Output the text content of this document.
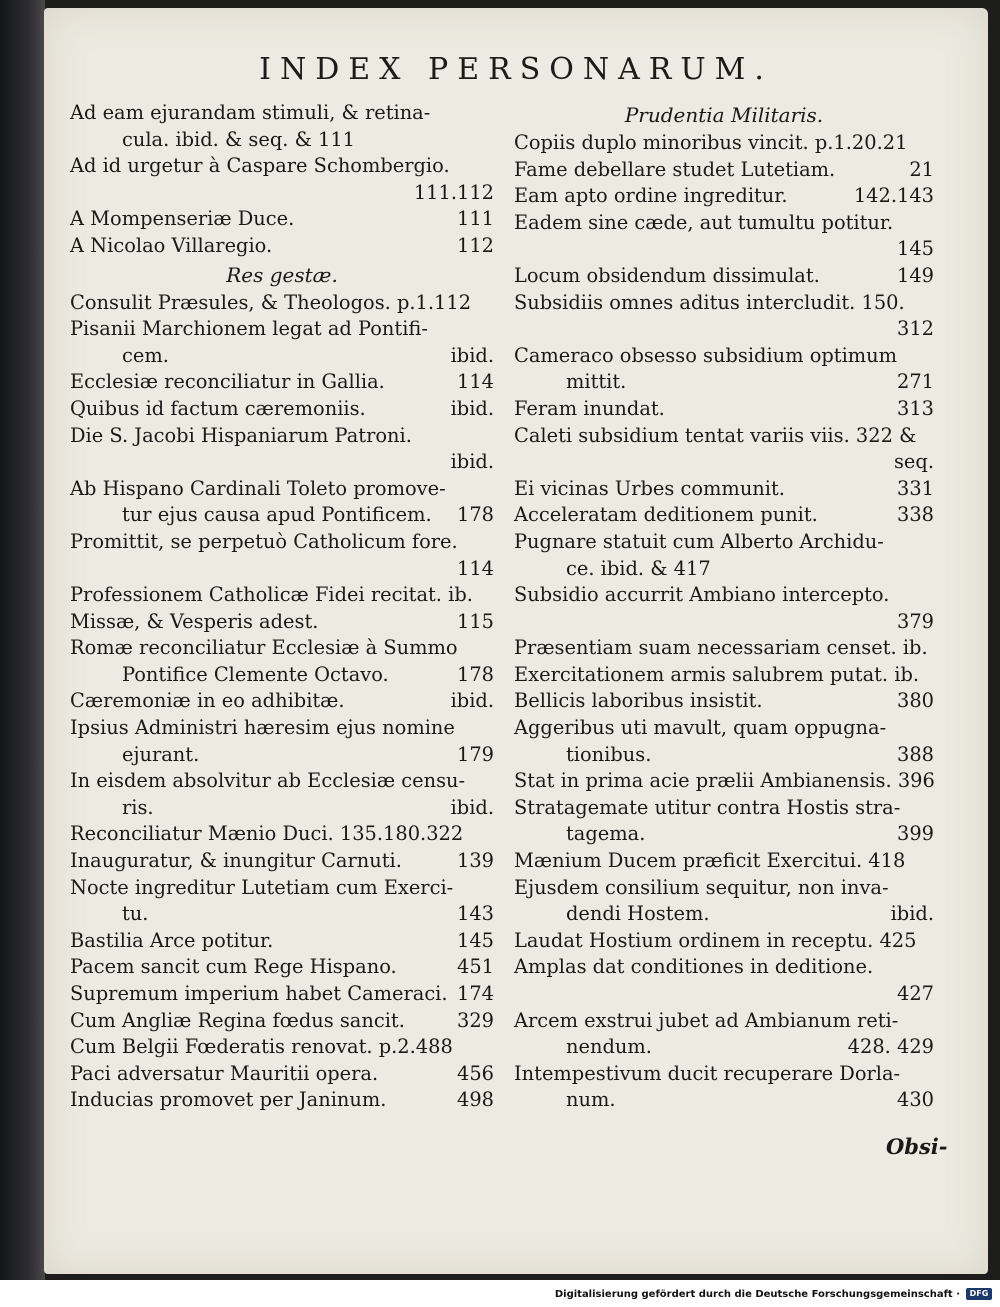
INDEX PERSONARUM.
Ad eam ejurandam stimuli, & retina-
cula. ibid. & seq. & 111
Ad id urgetur à Caspare Schombergio.
111.112
A Mompenseriæ Duce.	111
A Nicolao Villaregio.	112
Res gestæ.
Consulit Præsules, & Theologos. p.1.112
Pisanii Marchionem legat ad Pontifi-
cem.	ibid.
Ecclesiæ reconciliatur in Gallia.	114
Quibus id factum cæremoniis.	ibid.
Die S. Jacobi Hispaniarum Patroni.
ibid.
Ab Hispano Cardinali Toleto promove-
tur ejus causa apud Pontificem. 178
Promittit, se perpetuò Catholicum fore.
114
Professionem Catholicæ Fidei recitat. ib.
Missæ, & Vesperis adest.	115
Romæ reconciliatur Ecclesiæ à Summo
Pontifice Clemente Octavo.	178
Cæremoniæ in eo adhibitæ.	ibid.
Ipsius Administri hæresim ejus nomine
ejurant.	179
In eisdem absolvitur ab Ecclesiæ censu-
ris.	ibid.
Reconciliatur Mænio Duci. 135.180.322
Inauguratur, & inungitur Carnuti.	139
Nocte ingreditur Lutetiam cum Exerci-
tu.	143
Bastilia Arce potitur.	145
Pacem sancit cum Rege Hispano.	451
Supremum imperium habet Cameraci. 174
Cum Angliæ Regina fœdus sancit.	329
Cum Belgii Fœderatis renovat. p.2.488
Paci adversatur Mauritii opera.	456
Inducias promovet per Janinum.	498
Prudentia Militaris.
Copiis duplo minoribus vincit. p.1.20.21
Fame debellare studet Lutetiam.	21
Eam apto ordine ingreditur.	142.143
Eadem sine cæde, aut tumultu potitur.
145
Locum obsidendum dissimulat.	149
Subsidiis omnes aditus intercludit. 150.
312
Cameraco obsesso subsidium optimum
mittit.	271
Feram inundat.	313
Caleti subsidium tentat variis viis. 322 &
seq.
Ei vicinas Urbes communit.	331
Acceleratam deditionem punit.	338
Pugnare statuit cum Alberto Archidu-
ce. ibid. & 417
Subsidio accurrit Ambiano intercepto.
379
Præsentiam suam necessariam censet. ib.
Exercitationem armis salubrem putat. ib.
Bellicis laboribus insistit.	380
Aggeribus uti mavult, quam oppugna-
tionibus.	388
Stat in prima acie prælii Ambianensis. 396
Stratagemate utitur contra Hostis stra-
tagema.	399
Mænium Ducem præficit Exercitui. 418
Ejusdem consilium sequitur, non inva-
dendi Hostem.	ibid.
Laudat Hostium ordinem in receptu. 425
Amplas dat conditiones in deditione.
427
Arcem exstrui jubet ad Ambianum reti-
nendum.	428. 429
Intempestivum ducit recuperare Dorla-
num.	430
Obsi-
Digitalisierung gefördert durch die Deutsche Forschungsgemeinschaft ·	DFG
